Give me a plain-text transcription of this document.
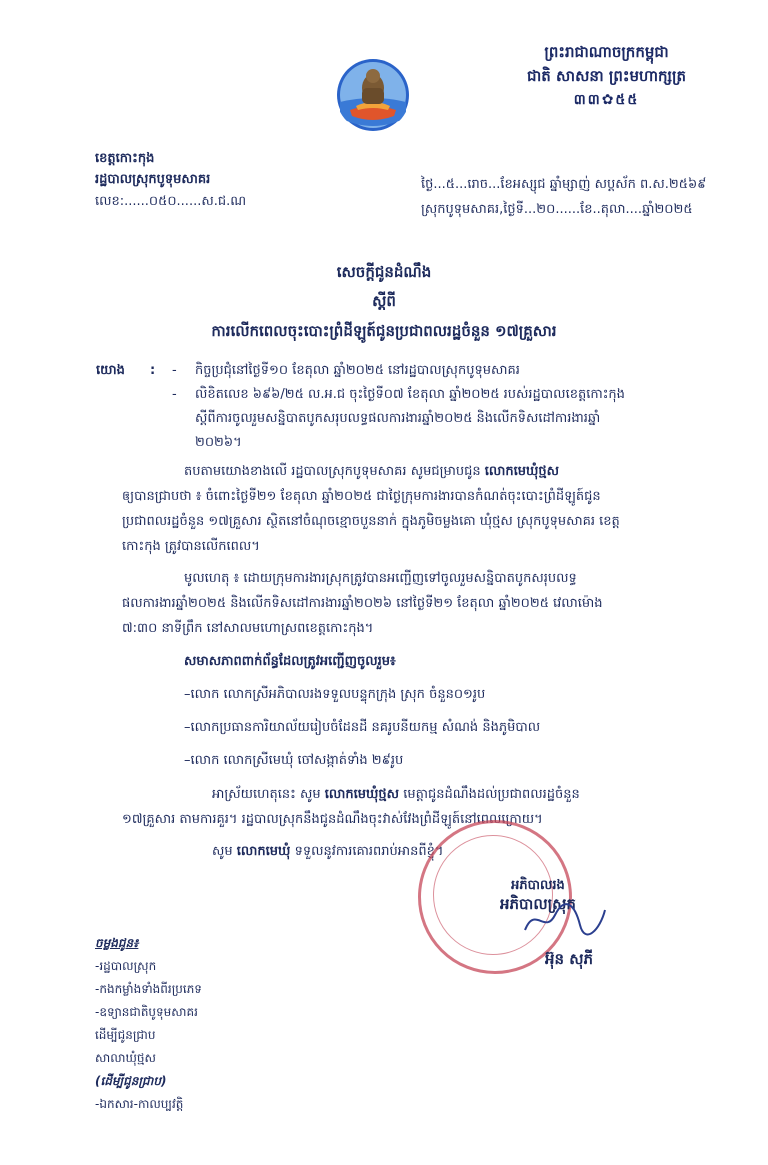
ព្រះរាជាណាចក្រកម្ពុជា
ជាតិ សាសនា ព្រះមហាក្សត្រ
៣៣✿៥៥
ខេត្តកោះកុង
រដ្ឋបាលស្រុកបូទុមសាគរ
លេខ:......០៥០......ស.ជ.ណ
ថ្ងៃ...៥...រោច...ខែអស្សុជ ឆ្នាំម្សាញ់ សប្តស័ក ព.ស.២៥៦៩
ស្រុកបូទុមសាគរ,ថ្ងៃទី...២០......ខែ..តុលា....ឆ្នាំ២០២៥
សេចក្តីជូនដំណឹង
ស្តីពី
ការលើកពេលចុះបោះព្រំដីឡូត៍ជូនប្រជាពលរដ្ឋចំនួន ១៧គ្រួសារ
យោង : - កិច្ចប្រជុំនៅថ្ងៃទី១០ ខែតុលា ឆ្នាំ២០២៥ នៅរដ្ឋបាលស្រុកបូទុមសាគរ
- លិខិតលេខ ៦៩៦/២៥ ល.អ.ជ ចុះថ្ងៃទី០៧ ខែតុលា ឆ្នាំ២០២៥ របស់រដ្ឋបាលខេត្តកោះកុង
ស្តីពីការចូលរួមសន្និបាតបូកសរុបលទ្ធផលការងារឆ្នាំ២០២៥ និងលើកទិសដៅការងារឆ្នាំ
២០២៦។
តបតាមយោងខាងលើ រដ្ឋបាលស្រុកបូទុមសាគរ សូមជម្រាបជូន លោកមេឃុំថ្មស
ឲ្យបានជ្រាបថា ៖ ចំពោះថ្ងៃទី២១ ខែតុលា ឆ្នាំ២០២៥ ជាថ្ងៃក្រុមការងារបានកំណត់ចុះបោះព្រំដីឡូត៍ជូន
ប្រជាពលរដ្ឋចំនួន ១៧គ្រួសារ ស្ថិតនៅចំណុចខ្មោចបួននាក់ ក្នុងភូមិចម្លងគោ ឃុំថ្មស ស្រុកបូទុមសាគរ ខេត្ត
កោះកុង ត្រូវបានលើកពេល។
មូលហេតុ ៖ ដោយក្រុមការងារស្រុកត្រូវបានអញ្ជើញទៅចូលរួមសន្និបាតបូកសរុបលទ្ធ
ផលការងារឆ្នាំ២០២៥ និងលើកទិសដៅការងារឆ្នាំ២០២៦ នៅថ្ងៃទី២១ ខែតុលា ឆ្នាំ២០២៥ វេលាម៉ោង
៧:៣០ នាទីព្រឹក នៅសាលមហោស្រពខេត្តកោះកុង។
សមាសភាពពាក់ព័ន្ធដែលត្រូវអញ្ជើញចូលរួម៖
–លោក លោកស្រីអភិបាលរងទទួលបន្ទុកក្រុង ស្រុក ចំនួន០១រូប
–លោកប្រធានការិយាល័យរៀបចំដែនដី នគរូបនីយកម្ម សំណង់ និងភូមិបាល
–លោក លោកស្រីមេឃុំ ចៅសង្កាត់ទាំង ២៩រូប
អាស្រ័យហេតុនេះ សូម លោកមេឃុំថ្មស មេត្តាជូនដំណឹងដល់ប្រជាពលរដ្ឋចំនួន
១៧គ្រួសារ តាមការគួរ។ រដ្ឋបាលស្រុកនឹងជូនដំណឹងចុះវាស់វែងព្រំដីឡូត៍នៅពេលក្រោយ។
សូម លោកមេឃុំ ទទួលនូវការគោរពរាប់អានពីខ្ញុំ។
អភិបាលរង
អភិបាលស្រុក
អ៊ុន សុភី
ចម្លងជូន៖
-រដ្ឋបាលស្រុក
-កងកម្លាំងទាំងពីរប្រភេទ
-ឧទ្យានជាតិបូទុមសាគរ
ដើម្បីជូនជ្រាប
សាលាឃុំថ្មស
(ដើម្បីជូនជ្រាប)
-ឯកសារ-កាលប្បវត្តិ
